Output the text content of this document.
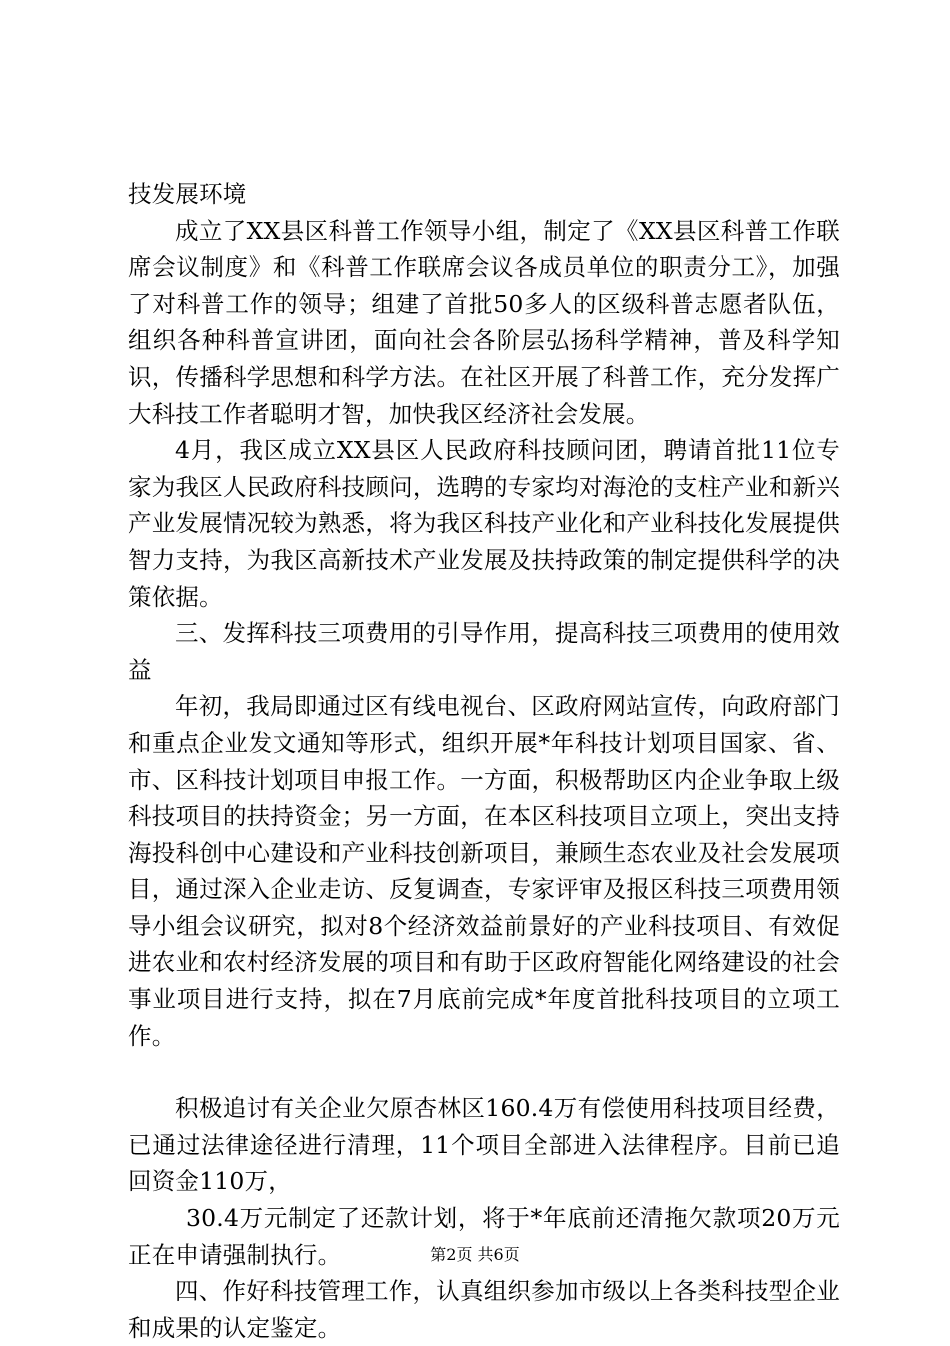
技发展环境

成立了XX县区科普工作领导小组，制定了《XX县区科普工作联席会议制度》和《科普工作联席会议各成员单位的职责分工》，加强了对科普工作的领导；组建了首批50多人的区级科普志愿者队伍，组织各种科普宣讲团，面向社会各阶层弘扬科学精神，普及科学知识，传播科学思想和科学方法。在社区开展了科普工作，充分发挥广大科技工作者聪明才智，加快我区经济社会发展。

4月，我区成立XX县区人民政府科技顾问团，聘请首批11位专家为我区人民政府科技顾问，选聘的专家均对海沧的支柱产业和新兴产业发展情况较为熟悉，将为我区科技产业化和产业科技化发展提供智力支持，为我区高新技术产业发展及扶持政策的制定提供科学的决策依据。

三、发挥科技三项费用的引导作用，提高科技三项费用的使用效益

年初，我局即通过区有线电视台、区政府网站宣传，向政府部门和重点企业发文通知等形式，组织开展*年科技计划项目国家、省、市、区科技计划项目申报工作。一方面，积极帮助区内企业争取上级科技项目的扶持资金；另一方面，在本区科技项目立项上，突出支持海投科创中心建设和产业科技创新项目，兼顾生态农业及社会发展项目，通过深入企业走访、反复调查，专家评审及报区科技三项费用领导小组会议研究，拟对8个经济效益前景好的产业科技项目、有效促进农业和农村经济发展的项目和有助于区政府智能化网络建设的社会事业项目进行支持，拟在7月底前完成*年度首批科技项目的立项工作。

积极追讨有关企业欠原杏林区160.4万有偿使用科技项目经费，已通过法律途径进行清理，11个项目全部进入法律程序。目前已追回资金110万，

30.4万元制定了还款计划，将于*年底前还清拖欠款项20万元正在申请强制执行。

四、作好科技管理工作，认真组织参加市级以上各类科技型企业和成果的认定鉴定。

第2页 共6页
